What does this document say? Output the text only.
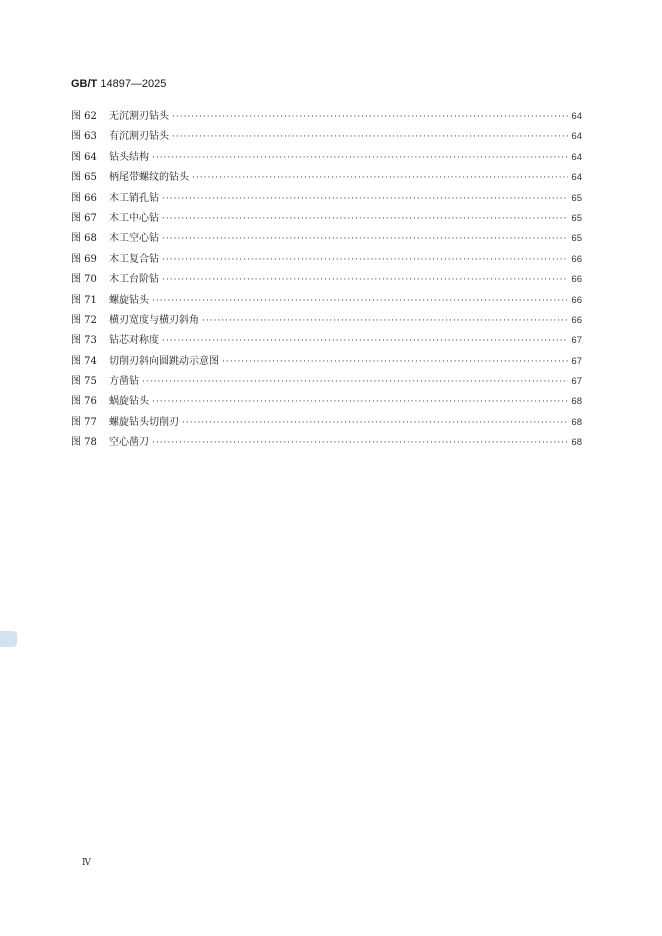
GB/T 14897—2025
图 62	无沉割刃钻头 ·····	64
图 63	有沉割刃钻头 ·····	64
图 64	钻头结构 ·····	64
图 65	柄尾带螺纹的钻头 ·····	64
图 66	木工销孔钻 ·····	65
图 67	木工中心钻 ·····	65
图 68	木工空心钻 ·····	65
图 69	木工复合钻 ·····	66
图 70	木工台阶钻 ·····	66
图 71	螺旋钻头 ·····	66
图 72	横刃宽度与横刃斜角 ·····	66
图 73	钻芯对称度 ·····	67
图 74	切削刃斜向圆跳动示意图 ·····	67
图 75	方凿钻 ·····	67
图 76	蜗旋钻头 ·····	68
图 77	螺旋钻头切削刃 ·····	68
图 78	空心凿刀 ·····	68
Ⅳ
